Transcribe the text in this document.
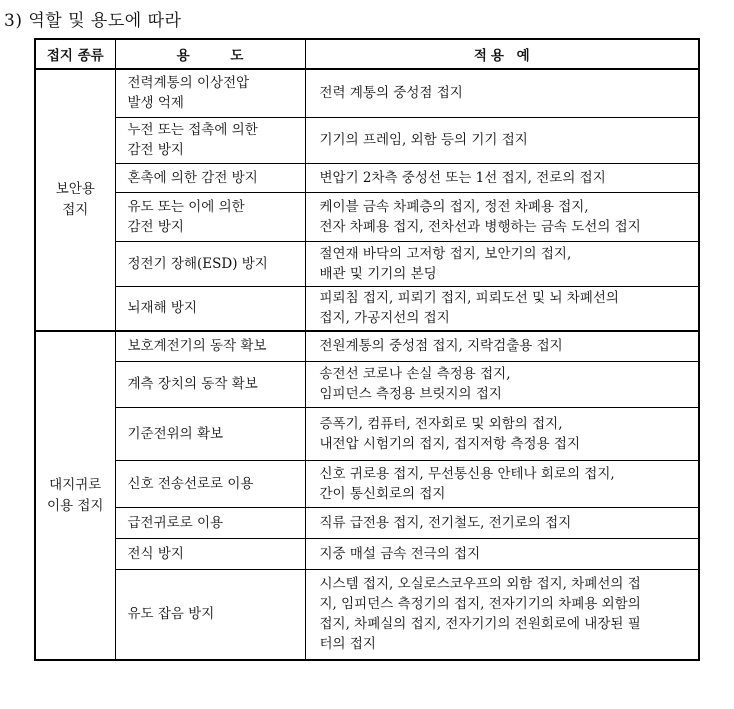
3) 역할 및 용도에 따라
접지 종류	용 도	적용 예

보안용
접지	전력계통의 이상전압
발생 억제	전력 계통의 중성점 접지

	누전 또는 접촉에 의한
감전 방지	기기의 프레임, 외함 등의 기기 접지

	혼촉에 의한 감전 방지	변압기 2차측 중성선 또는 1선 접지, 전로의 접지

	유도 또는 이에 의한
감전 방지	케이블 금속 차폐층의 접지, 정전 차폐용 접지,
전자 차폐용 접지, 전차선과 병행하는 금속 도선의 접지

	정전기 장해(ESD) 방지	절연재 바닥의 고저항 접지, 보안기의 접지,
배관 및 기기의 본딩

	뇌재해 방지	피뢰침 접지, 피뢰기 접지, 피뢰도선 및 뇌 차폐선의
접지, 가공지선의 접지

대지귀로
이용 접지	보호계전기의 동작 확보	전원계통의 중성점 접지, 지락검출용 접지

	계측 장치의 동작 확보	송전선 코로나 손실 측정용 접지,
임피던스 측정용 브릿지의 접지

	기준전위의 확보	증폭기, 컴퓨터, 전자회로 및 외함의 접지,
내전압 시험기의 접지, 접지저항 측정용 접지

	신호 전송선로로 이용	신호 귀로용 접지, 무선통신용 안테나 회로의 접지,
간이 통신회로의 접지

	급전귀로로 이용	직류 급전용 접지, 전기철도, 전기로의 접지

	전식 방지	지중 매설 금속 전극의 접지

	유도 잡음 방지	시스템 접지, 오실로스코우프의 외함 접지, 차폐선의 접
지, 임피던스 측정기의 접지, 전자기기의 차폐용 외함의
접지, 차폐실의 접지, 전자기기의 전원회로에 내장된 필
터의 접지
